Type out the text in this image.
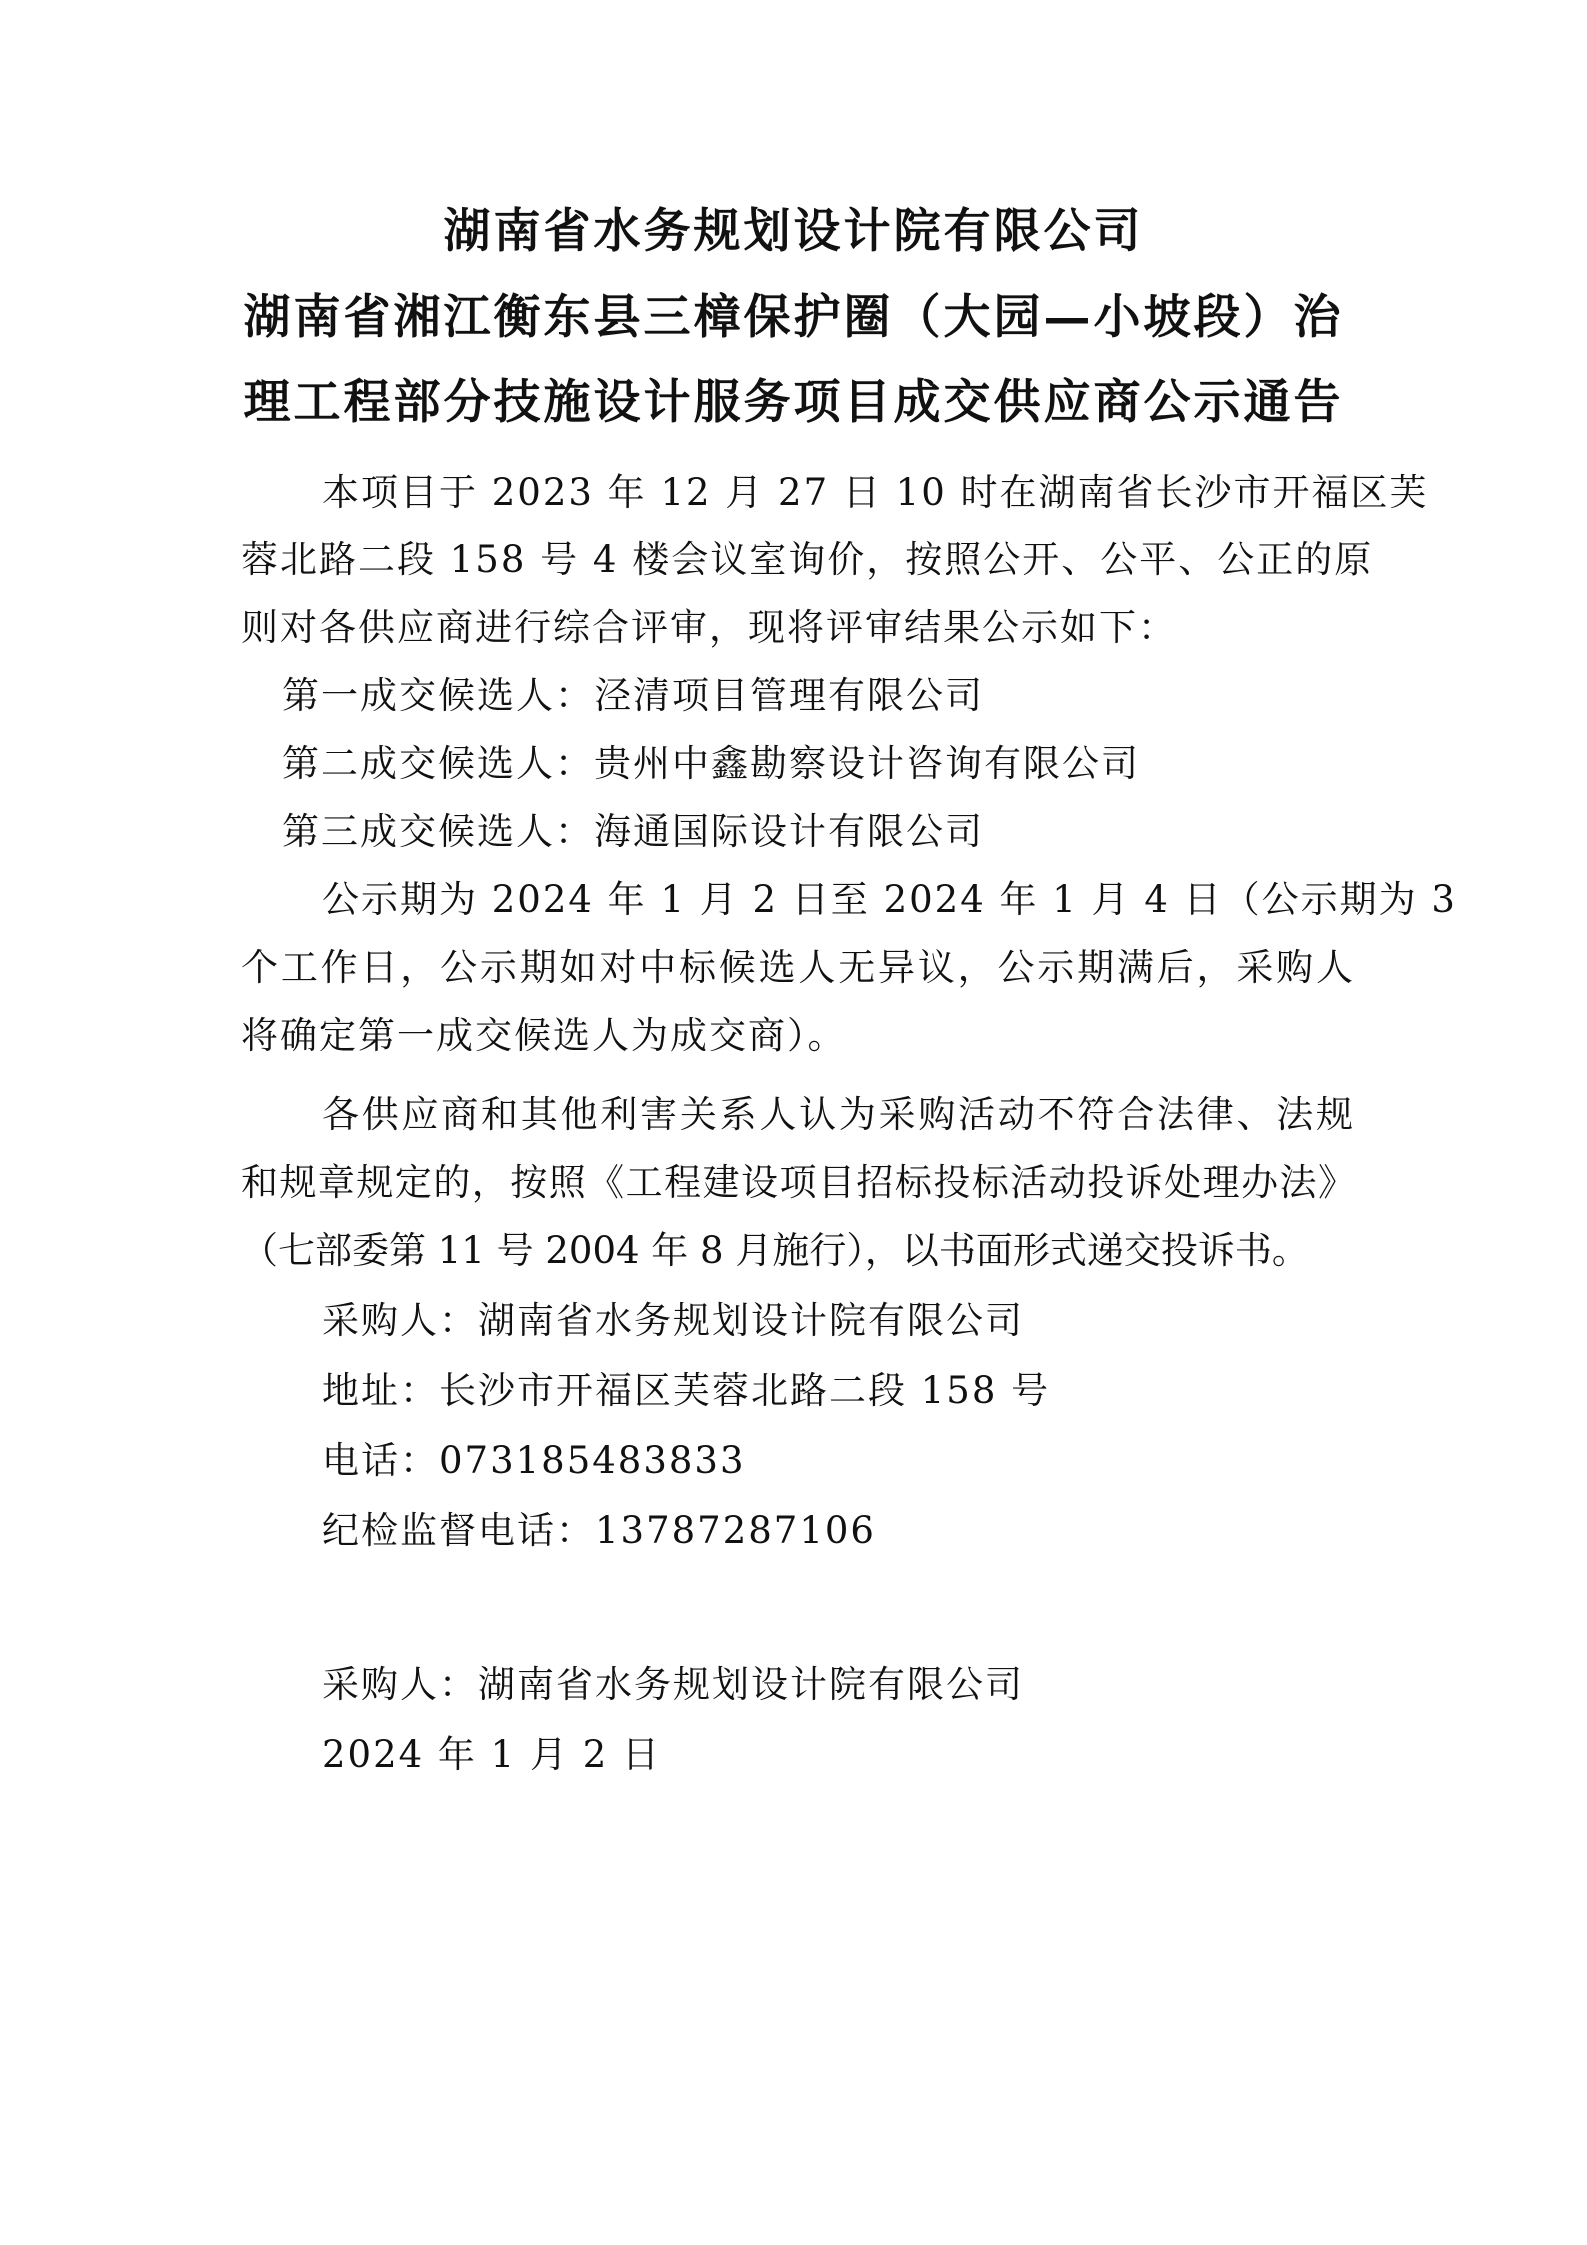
湖南省水务规划设计院有限公司
湖南省湘江衡东县三樟保护圈（大园—小坡段）治
理工程部分技施设计服务项目成交供应商公示通告
本项目于 2023 年 12 月 27 日 10 时在湖南省长沙市开福区芙
蓉北路二段 158 号 4 楼会议室询价，按照公开、公平、公正的原
则对各供应商进行综合评审，现将评审结果公示如下：
第一成交候选人：泾清项目管理有限公司
第二成交候选人：贵州中鑫勘察设计咨询有限公司
第三成交候选人：海通国际设计有限公司
公示期为 2024 年 1 月 2 日至 2024 年 1 月 4 日（公示期为 3
个工作日，公示期如对中标候选人无异议，公示期满后，采购人
将确定第一成交候选人为成交商）。
各供应商和其他利害关系人认为采购活动不符合法律、法规
和规章规定的，按照《工程建设项目招标投标活动投诉处理办法》
（七部委第 11 号 2004 年 8 月施行），以书面形式递交投诉书。
采购人：湖南省水务规划设计院有限公司
地址：长沙市开福区芙蓉北路二段 158 号
电话：073185483833
纪检监督电话：13787287106
采购人：湖南省水务规划设计院有限公司
2024 年 1 月 2 日
